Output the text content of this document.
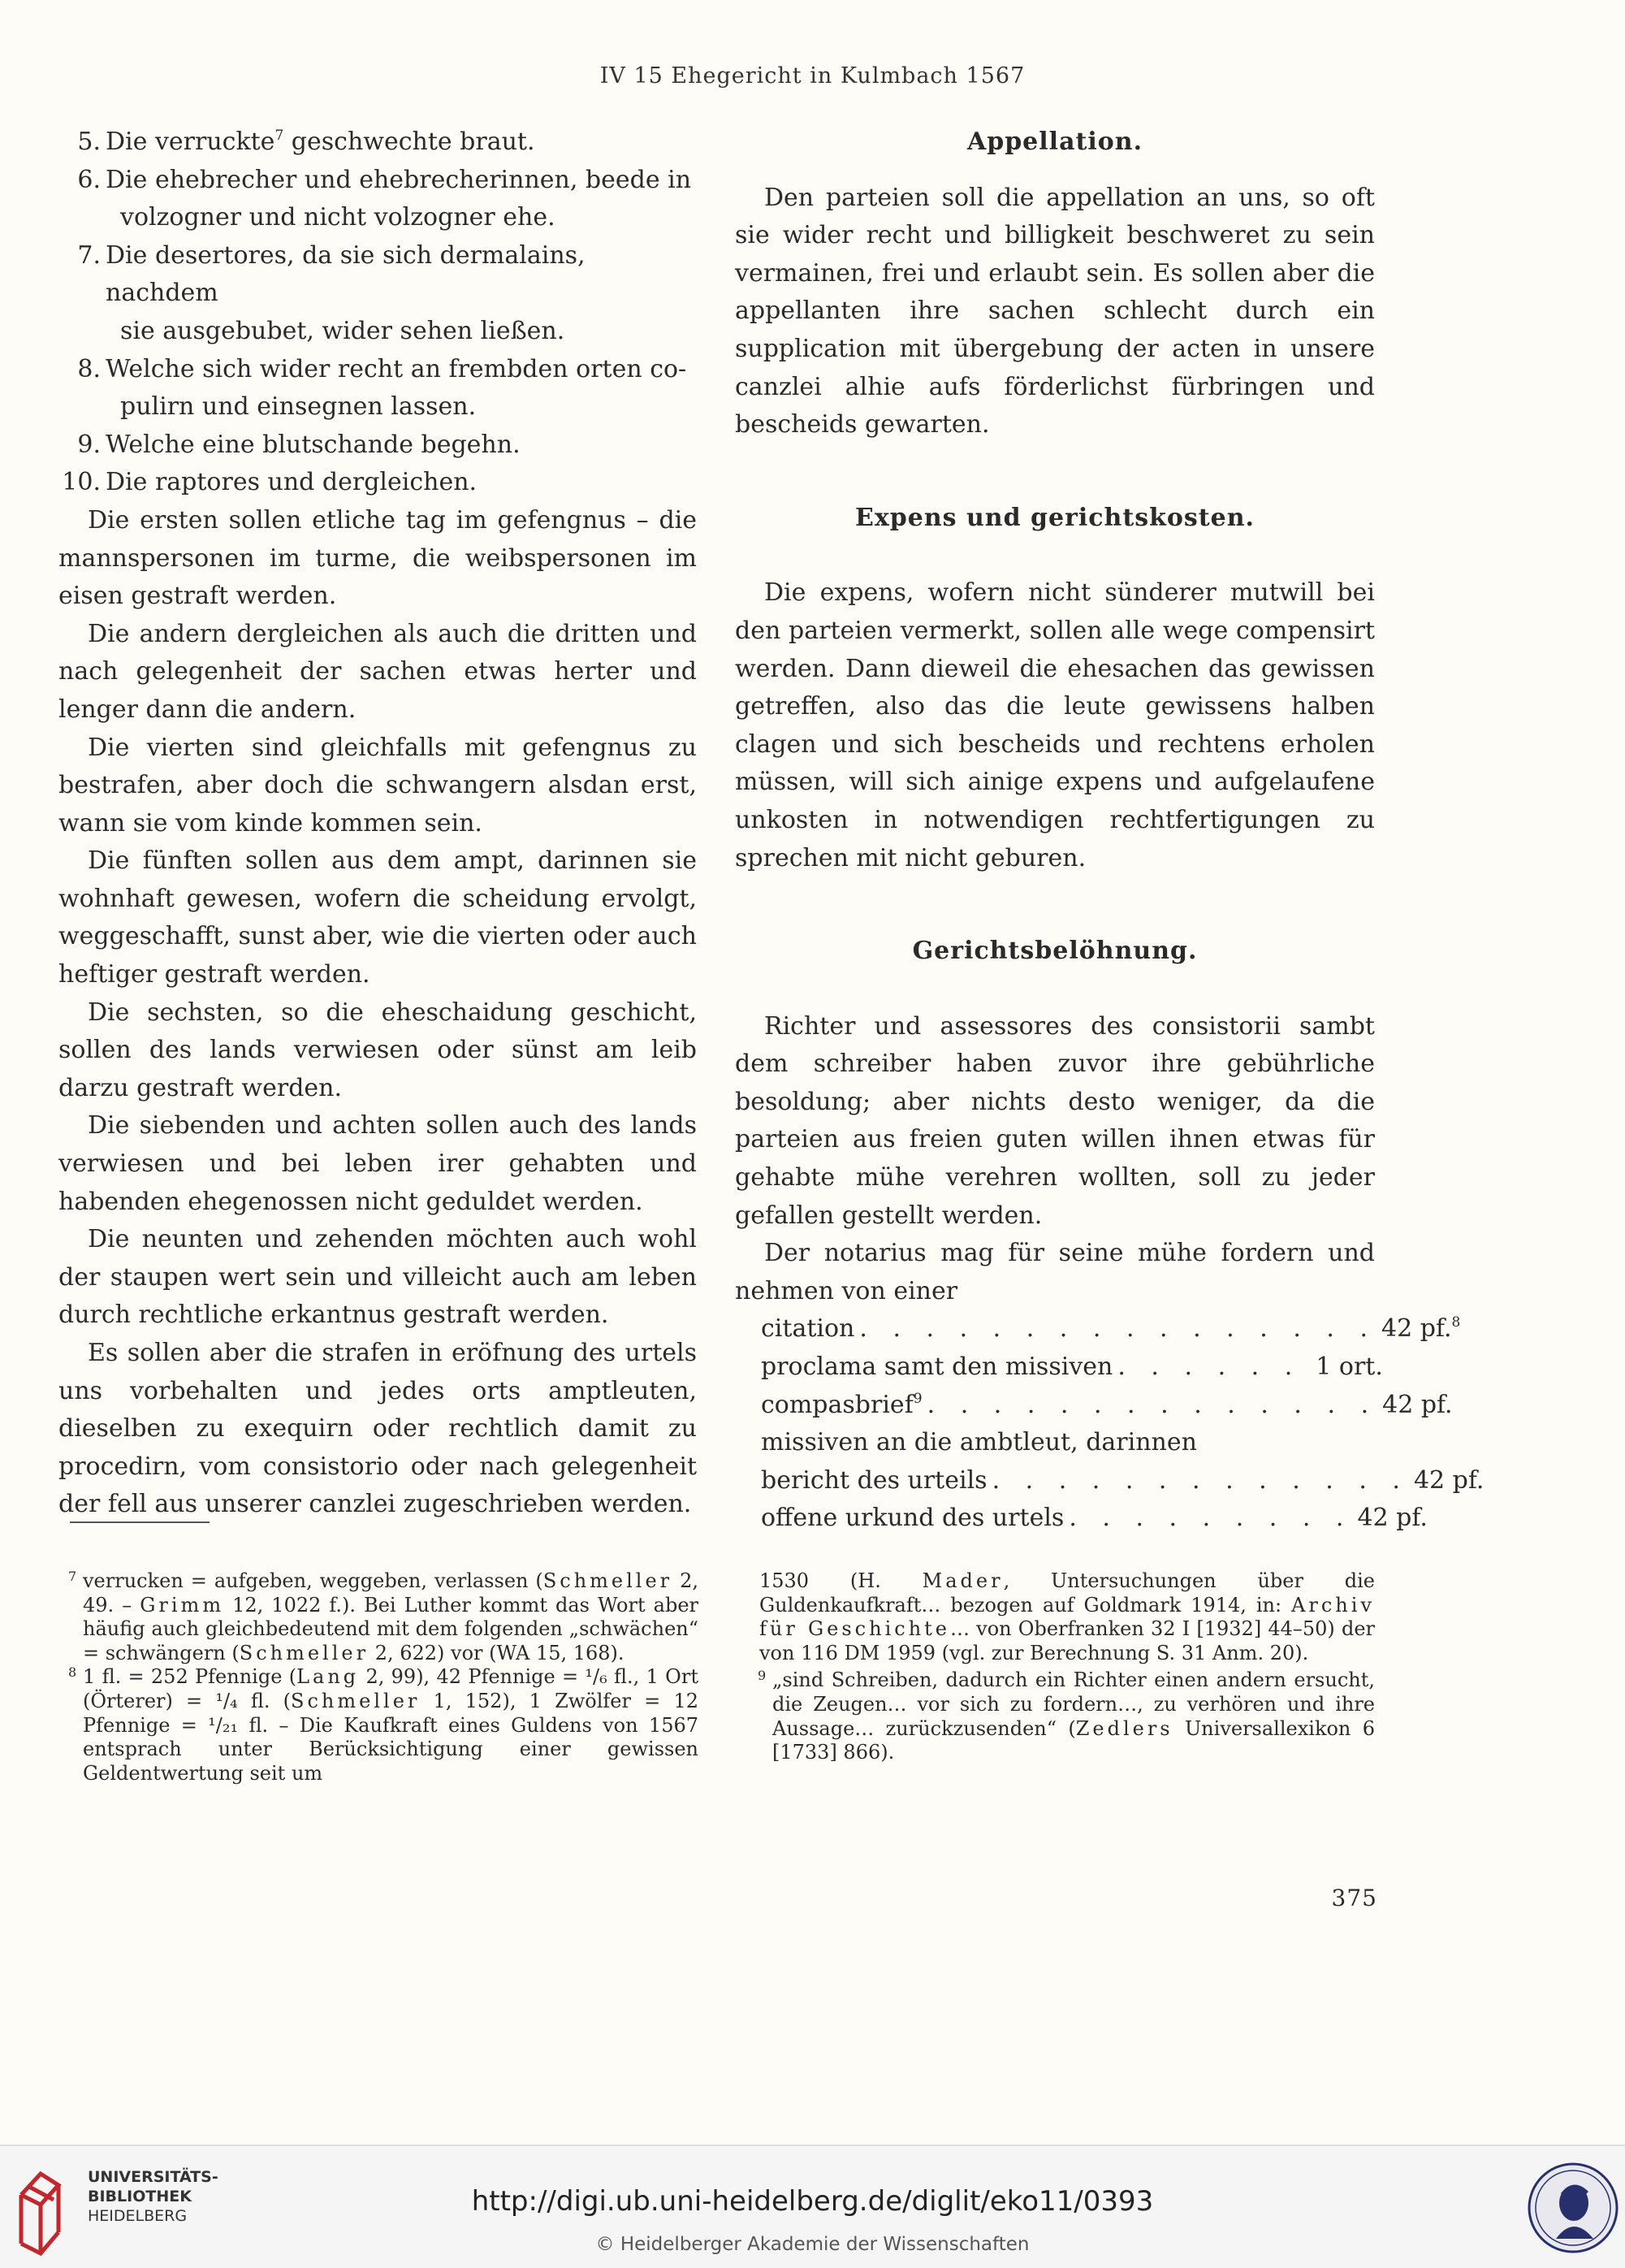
IV 15 Ehegericht in Kulmbach 1567
5. Die verruckte$^7$ geschwechte braut.
6. Die ehebrecher und ehebrecherinnen, beede in
volzogner und nicht volzogner ehe.
7. Die desertores, da sie sich dermalains, nachdem
sie ausgebubet, wider sehen ließen.
8. Welche sich wider recht an frembden orten co-
pulirn und einsegnen lassen.
9. Welche eine blutschande begehn.
10. Die raptores und dergleichen.

Die ersten sollen etliche tag im gefengnus – die mannspersonen im turme, die weibspersonen im eisen gestraft werden.

Die andern dergleichen als auch die dritten und nach gelegenheit der sachen etwas herter und lenger dann die andern.

Die vierten sind gleichfalls mit gefengnus zu bestrafen, aber doch die schwangern alsdan erst, wann sie vom kinde kommen sein.

Die fünften sollen aus dem ampt, darinnen sie wohnhaft gewesen, wofern die scheidung ervolgt, weggeschafft, sunst aber, wie die vierten oder auch heftiger gestraft werden.

Die sechsten, so die eheschaidung geschicht, sollen des lands verwiesen oder sünst am leib darzu gestraft werden.

Die siebenden und achten sollen auch des lands verwiesen und bei leben irer gehabten und habenden ehegenossen nicht geduldet werden.

Die neunten und zehenden möchten auch wohl der staupen wert sein und villeicht auch am leben durch rechtliche erkantnus gestraft werden.

Es sollen aber die strafen in eröfnung des urtels uns vorbehalten und jedes orts amptleuten, dieselben zu exequirn oder rechtlich damit zu procedirn, vom consistorio oder nach gelegenheit der fell aus unserer canzlei zugeschrieben werden.

Appellation.

Den parteien soll die appellation an uns, so oft sie wider recht und billigkeit beschweret zu sein vermainen, frei und erlaubt sein. Es sollen aber die appellanten ihre sachen schlecht durch ein supplication mit übergebung der acten in unsere canzlei alhie aufs förderlichst fürbringen und bescheids gewarten.

Expens und gerichtskosten.

Die expens, wofern nicht sünderer mutwill bei den parteien vermerkt, sollen alle wege compensirt werden. Dann dieweil die ehesachen das gewissen getreffen, also das die leute gewissens halben clagen und sich bescheids und rechtens erholen müssen, will sich ainige expens und aufgelaufene unkosten in notwendigen rechtfertigungen zu sprechen mit nicht geburen.

Gerichtsbelöhnung.

Richter und assessores des consistorii sambt dem schreiber haben zuvor ihre gebührliche besoldung; aber nichts desto weniger, da die parteien aus freien guten willen ihnen etwas für gehabte mühe verehren wollten, soll zu jeder gefallen gestellt werden.

Der notarius mag für seine mühe fordern und nehmen von einer

citation . . . . . . . . . . . . . . . . 42 pf.$^8$
proclama samt den missiven . . . . . . 1 ort.
compasbrief$^9$ . . . . . . . . . . . . . . 42 pf.
missiven an die ambtleut, darinnen
bericht des urteils . . . . . . . . . . . . . 42 pf.
offene urkund des urtels . . . . . . . . . 42 pf.

7 verrucken = aufgeben, weggeben, verlassen (Schmeller 2, 49. – Grimm 12, 1022 f.). Bei Luther kommt das Wort aber häufig auch gleichbedeutend mit dem folgenden „schwächen“ = schwängern (Schmeller 2, 622) vor (WA 15, 168).

8 1 fl. = 252 Pfennige (Lang 2, 99), 42 Pfennige = ¹/₆ fl., 1 Ort (Örterer) = ¹/₄ fl. (Schmeller 1, 152), 1 Zwölfer = 12 Pfennige = ¹/₂₁ fl. – Die Kaufkraft eines Guldens von 1567 entsprach unter Berücksichtigung einer gewissen Geldentwertung seit um

1530 (H. Mader, Untersuchungen über die Guldenkaufkraft… bezogen auf Goldmark 1914, in: Archiv für Geschichte… von Oberfranken 32 I [1932] 44–50) der von 116 DM 1959 (vgl. zur Berechnung S. 31 Anm. 20).

9 „sind Schreiben, dadurch ein Richter einen andern ersucht, die Zeugen… vor sich zu fordern…, zu verhören und ihre Aussage… zurückzusenden“ (Zedlers Universallexikon 6 [1733] 866).

375
UNIVERSITÄTS-
BIBLIOTHEK
HEIDELBERG	http://digi.ub.uni-heidelberg.de/diglit/eko11/0393
© Heidelberger Akademie der Wissenschaften
